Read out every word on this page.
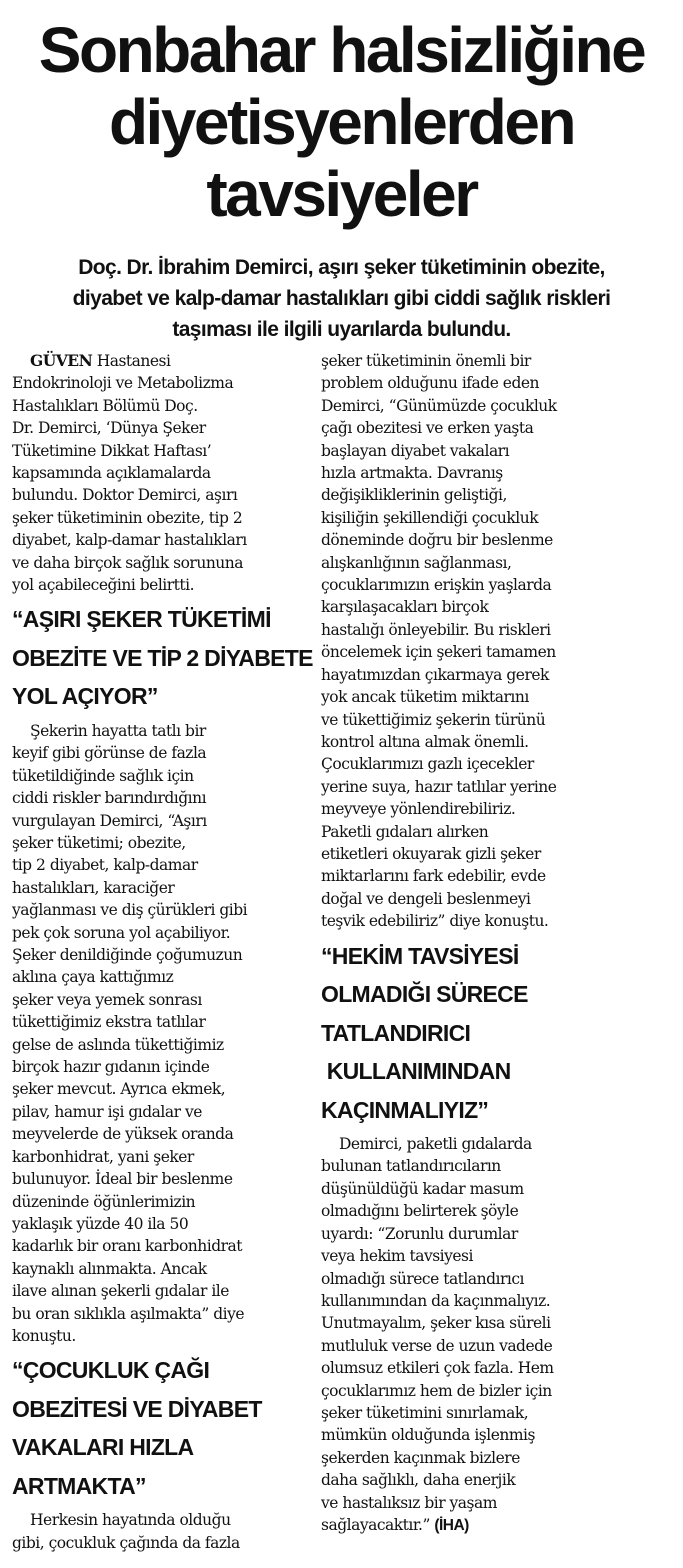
Sonbahar halsizliğine
diyetisyenlerden
tavsiyeler

Doç. Dr. İbrahim Demirci, aşırı şeker tüketiminin obezite,
diyabet ve kalp-damar hastalıkları gibi ciddi sağlık riskleri
taşıması ile ilgili uyarılarda bulundu.

GÜVEN Hastanesi
Endokrinoloji ve Metabolizma
Hastalıkları Bölümü Doç.
Dr. Demirci, ‘Dünya Şeker
Tüketimine Dikkat Haftası’
kapsamında açıklamalarda
bulundu. Doktor Demirci, aşırı
şeker tüketiminin obezite, tip 2
diyabet, kalp-damar hastalıkları
ve daha birçok sağlık sorununa
yol açabileceğini belirtti.

“AŞIRI ŞEKER TÜKETİMİ
OBEZİTE VE TİP 2 DİYABETE
YOL AÇIYOR”

Şekerin hayatta tatlı bir
keyif gibi görünse de fazla
tüketildiğinde sağlık için
ciddi riskler barındırdığını
vurgulayan Demirci, “Aşırı
şeker tüketimi; obezite,
tip 2 diyabet, kalp-damar
hastalıkları, karaciğer
yağlanması ve diş çürükleri gibi
pek çok soruna yol açabiliyor.
Şeker denildiğinde çoğumuzun
aklına çaya kattığımız
şeker veya yemek sonrası
tükettiğimiz ekstra tatlılar
gelse de aslında tükettiğimiz
birçok hazır gıdanın içinde
şeker mevcut. Ayrıca ekmek,
pilav, hamur işi gıdalar ve
meyvelerde de yüksek oranda
karbonhidrat, yani şeker
bulunuyor. İdeal bir beslenme
düzeninde öğünlerimizin
yaklaşık yüzde 40 ila 50
kadarlık bir oranı karbonhidrat
kaynaklı alınmakta. Ancak
ilave alınan şekerli gıdalar ile
bu oran sıklıkla aşılmakta” diye
konuştu.

“ÇOCUKLUK ÇAĞI
OBEZİTESİ VE DİYABET
VAKALARI HIZLA
ARTMAKTA”

Herkesin hayatında olduğu
gibi, çocukluk çağında da fazla

şeker tüketiminin önemli bir
problem olduğunu ifade eden
Demirci, “Günümüzde çocukluk
çağı obezitesi ve erken yaşta
başlayan diyabet vakaları
hızla artmakta. Davranış
değişikliklerinin geliştiği,
kişiliğin şekillendiği çocukluk
döneminde doğru bir beslenme
alışkanlığının sağlanması,
çocuklarımızın erişkin yaşlarda
karşılaşacakları birçok
hastalığı önleyebilir. Bu riskleri
öncelemek için şekeri tamamen
hayatımızdan çıkarmaya gerek
yok ancak tüketim miktarını
ve tükettiğimiz şekerin türünü
kontrol altına almak önemli.
Çocuklarımızı gazlı içecekler
yerine suya, hazır tatlılar yerine
meyveye yönlendirebiliriz.
Paketli gıdaları alırken
etiketleri okuyarak gizli şeker
miktarlarını fark edebilir, evde
doğal ve dengeli beslenmeyi
teşvik edebiliriz” diye konuştu.

“HEKİM TAVSİYESİ
OLMADIĞI SÜRECE
TATLANDIRICI
KULLANIMINDAN
KAÇINMALIYIZ”

Demirci, paketli gıdalarda
bulunan tatlandırıcıların
düşünüldüğü kadar masum
olmadığını belirterek şöyle
uyardı: “Zorunlu durumlar
veya hekim tavsiyesi
olmadığı sürece tatlandırıcı
kullanımından da kaçınmalıyız.
Unutmayalım, şeker kısa süreli
mutluluk verse de uzun vadede
olumsuz etkileri çok fazla. Hem
çocuklarımız hem de bizler için
şeker tüketimini sınırlamak,
mümkün olduğunda işlenmiş
şekerden kaçınmak bizlere
daha sağlıklı, daha enerjik
ve hastalıksız bir yaşam
sağlayacaktır.” (İHA)
